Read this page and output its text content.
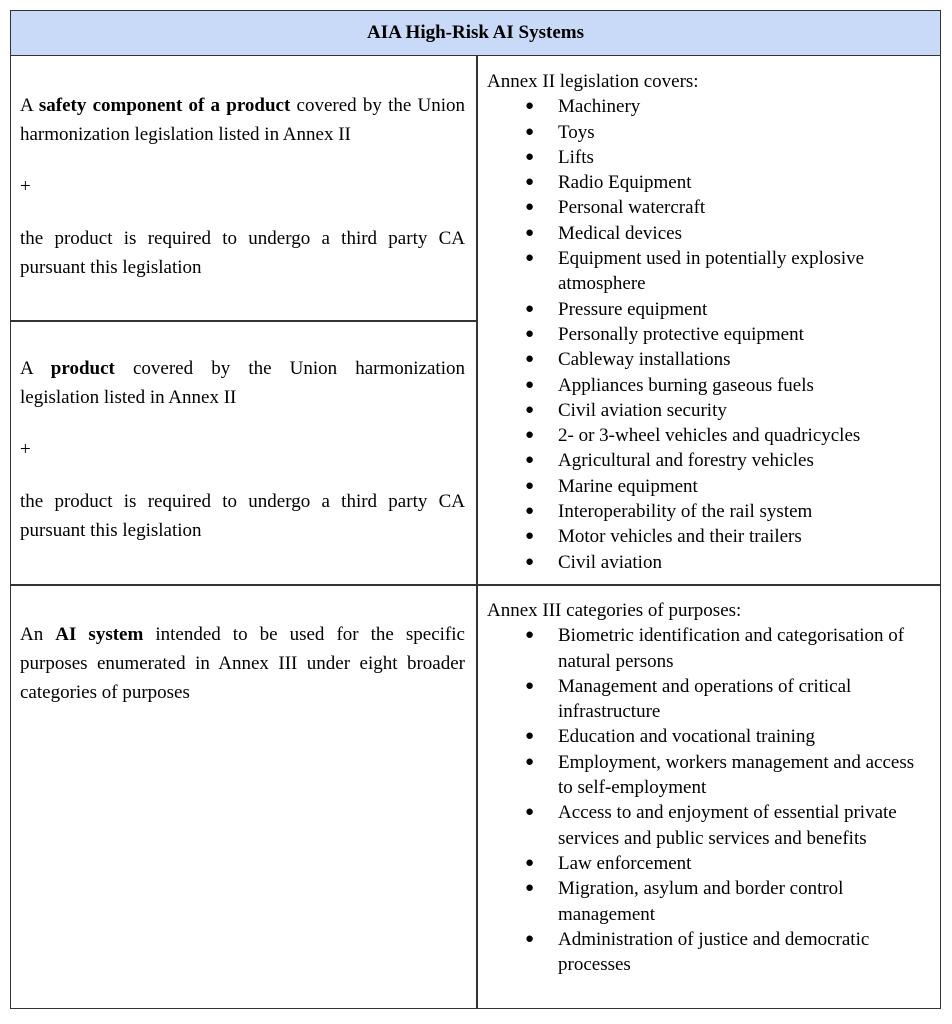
AIA High-Risk AI Systems

A safety component of a product covered by the Union harmonization legislation listed in Annex II

+

the product is required to undergo a third party CA pursuant this legislation

A product covered by the Union harmonization legislation listed in Annex II

+

the product is required to undergo a third party CA pursuant this legislation

An AI system intended to be used for the specific purposes enumerated in Annex III under eight broader categories of purposes

Annex II legislation covers:

● Machinery
● Toys
● Lifts
● Radio Equipment
● Personal watercraft
● Medical devices
● Equipment used in potentially explosive atmosphere
● Pressure equipment
● Personally protective equipment
● Cableway installations
● Appliances burning gaseous fuels
● Civil aviation security
● 2- or 3-wheel vehicles and quadricycles
● Agricultural and forestry vehicles
● Marine equipment
● Interoperability of the rail system
● Motor vehicles and their trailers
● Civil aviation

Annex III categories of purposes:

● Biometric identification and categorisation of natural persons
● Management and operations of critical infrastructure
● Education and vocational training
● Employment, workers management and access to self-employment
● Access to and enjoyment of essential private services and public services and benefits
● Law enforcement
● Migration, asylum and border control management
● Administration of justice and democratic processes
